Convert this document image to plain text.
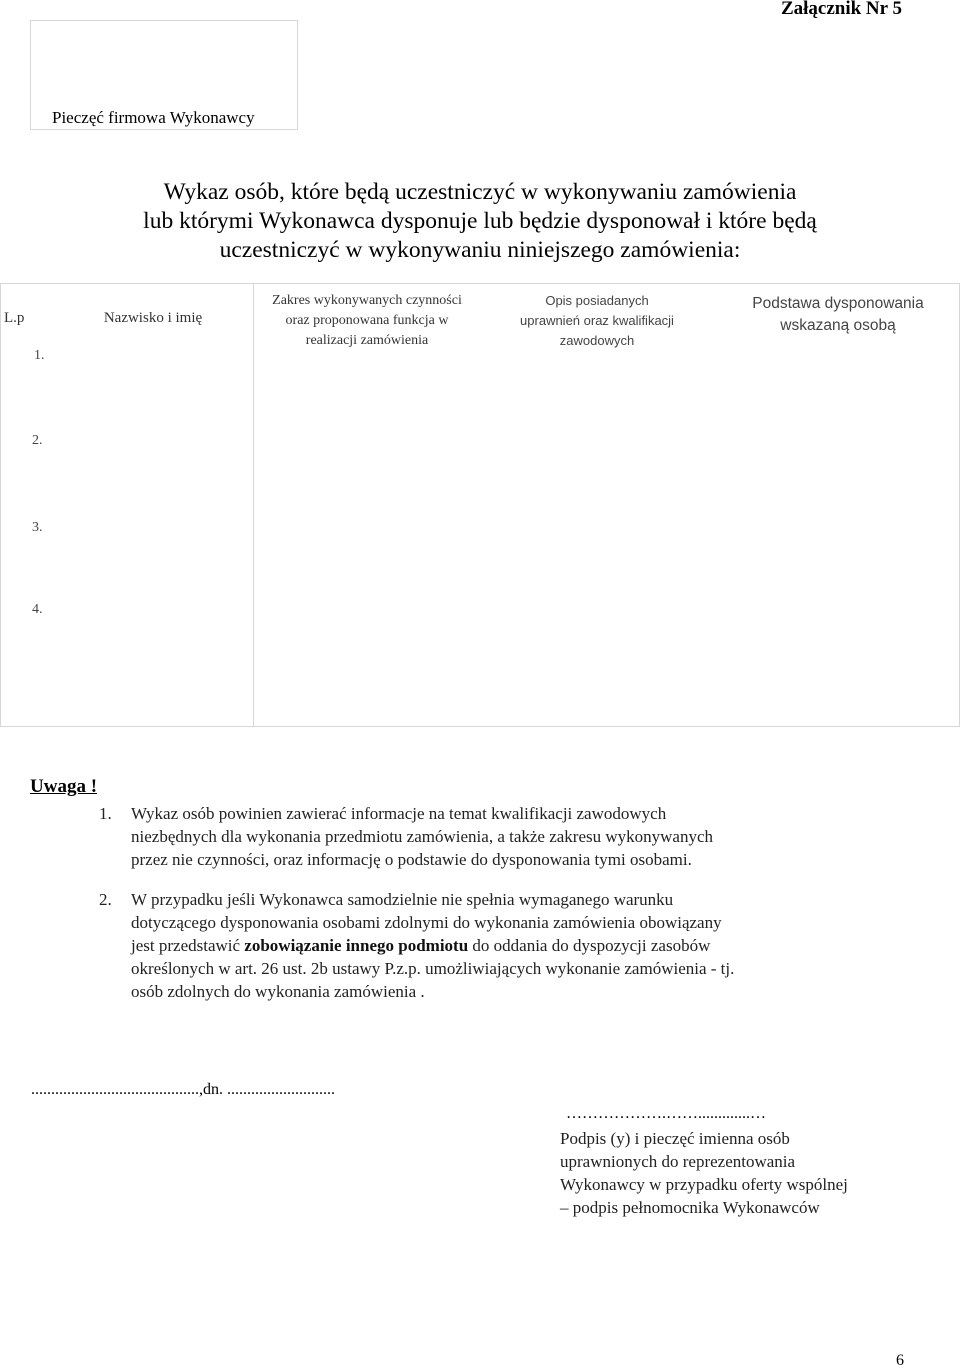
Załącznik Nr 5
Pieczęć firmowa Wykonawcy
Wykaz osób, które będą uczestniczyć w wykonywaniu zamówienia
lub którymi Wykonawca dysponuje lub będzie dysponował i które będą
uczestniczyć w wykonywaniu niniejszego zamówienia:
L.p	Nazwisko i imię
Zakres wykonywanych czynności
oraz proponowana funkcja w
realizacji zamówienia
Opis posiadanych
uprawnień oraz kwalifikacji
zawodowych
Podstawa dysponowania
wskazaną osobą
1.
2.
3.
4.
Uwaga !
1. Wykaz osób powinien zawierać informacje na temat kwalifikacji zawodowych
niezbędnych dla wykonania przedmiotu zamówienia, a także zakresu wykonywanych
przez nie czynności, oraz informację o podstawie do dysponowania tymi osobami.
2. W przypadku jeśli Wykonawca samodzielnie nie spełnia wymaganego warunku
dotyczącego dysponowania osobami zdolnymi do wykonania zamówienia obowiązany
jest przedstawić zobowiązanie innego podmiotu do oddania do dyspozycji zasobów
określonych w art. 26 ust. 2b ustawy P.z.p. umożliwiających wykonanie zamówienia - tj.
osób zdolnych do wykonania zamówienia .
..........................................,dn. ...........................
……………….…….............…
Podpis (y) i pieczęć imienna osób
uprawnionych do reprezentowania
Wykonawcy w przypadku oferty wspólnej
– podpis pełnomocnika Wykonawców
6
